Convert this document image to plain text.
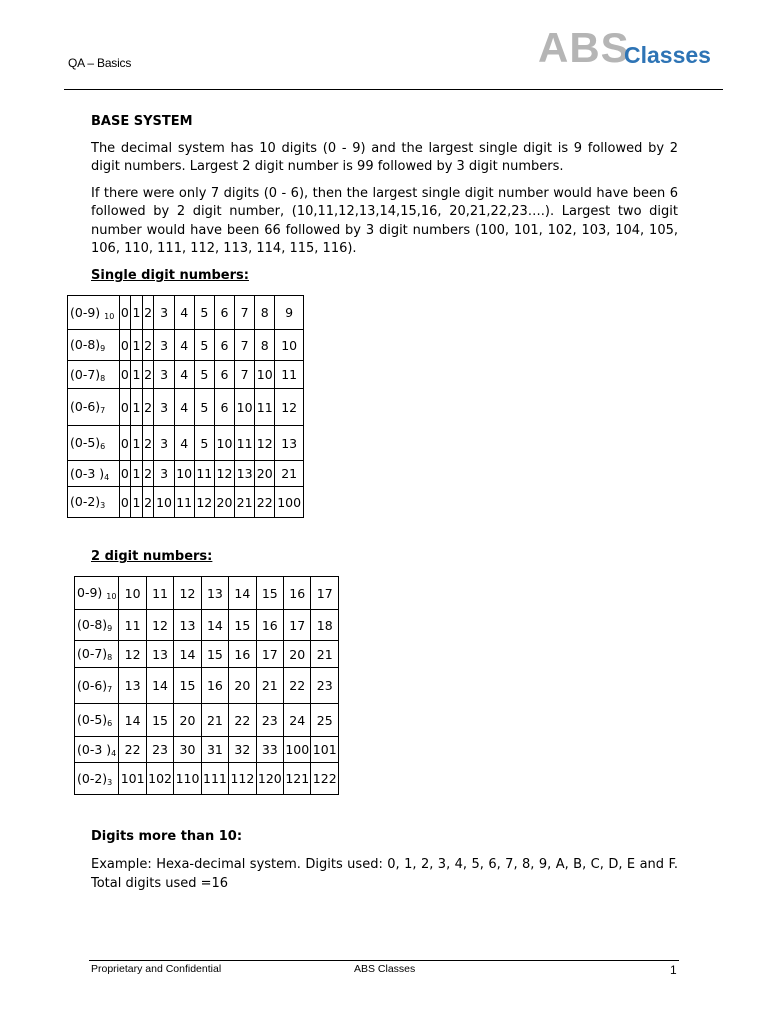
QA – Basics	ABS
Classes

BASE SYSTEM

The decimal system has 10 digits (0 - 9) and the largest single digit is 9 followed by 2 digit numbers. Largest 2 digit number is 99 followed by 3 digit numbers.

If there were only 7 digits (0 - 6), then the largest single digit number would have been 6 followed by 2 digit number, (10,11,12,13,14,15,16, 20,21,22,23….). Largest two digit number would have been 66 followed by 3 digit numbers (100, 101, 102, 103, 104, 105, 106, 110, 111, 112, 113, 114, 115, 116).

Single digit numbers:

(0-9) $_{10}$	0	1	2	3	4	5	6	7	8	9
$(0-8)_9$	0	1	2	3	4	5	6	7	8	10
$(0-7)_8$	0	1	2	3	4	5	6	7	10	11
$(0-6)_7$	0	1	2	3	4	5	6	10	11	12
$(0-5)_6$	0	1	2	3	4	5	10	11	12	13
(0-3 )$_4$	0	1	2	3	10	11	12	13	20	21
$(0-2)_3$	0	1	2	10	11	12	20	21	22	100
2 digit numbers:
0-9) $_{10}$	10	11	12	13	14	15	16	17
$(0-8)_9$	11	12	13	14	15	16	17	18
$(0-7)_8$	12	13	14	15	16	17	20	21
$(0-6)_7$	13	14	15	16	20	21	22	23
$(0-5)_6$	14	15	20	21	22	23	24	25
(0-3 )$_4$	22	23	30	31	32	33	100	101
$(0-2)_3$	101	102	110	111	112	120	121	122
Digits more than 10:

Example: Hexa-decimal system. Digits used: 0, 1, 2, 3, 4, 5, 6, 7, 8, 9, A, B, C, D, E and F. Total digits used =16

Proprietary and Confidential	ABS Classes	1
